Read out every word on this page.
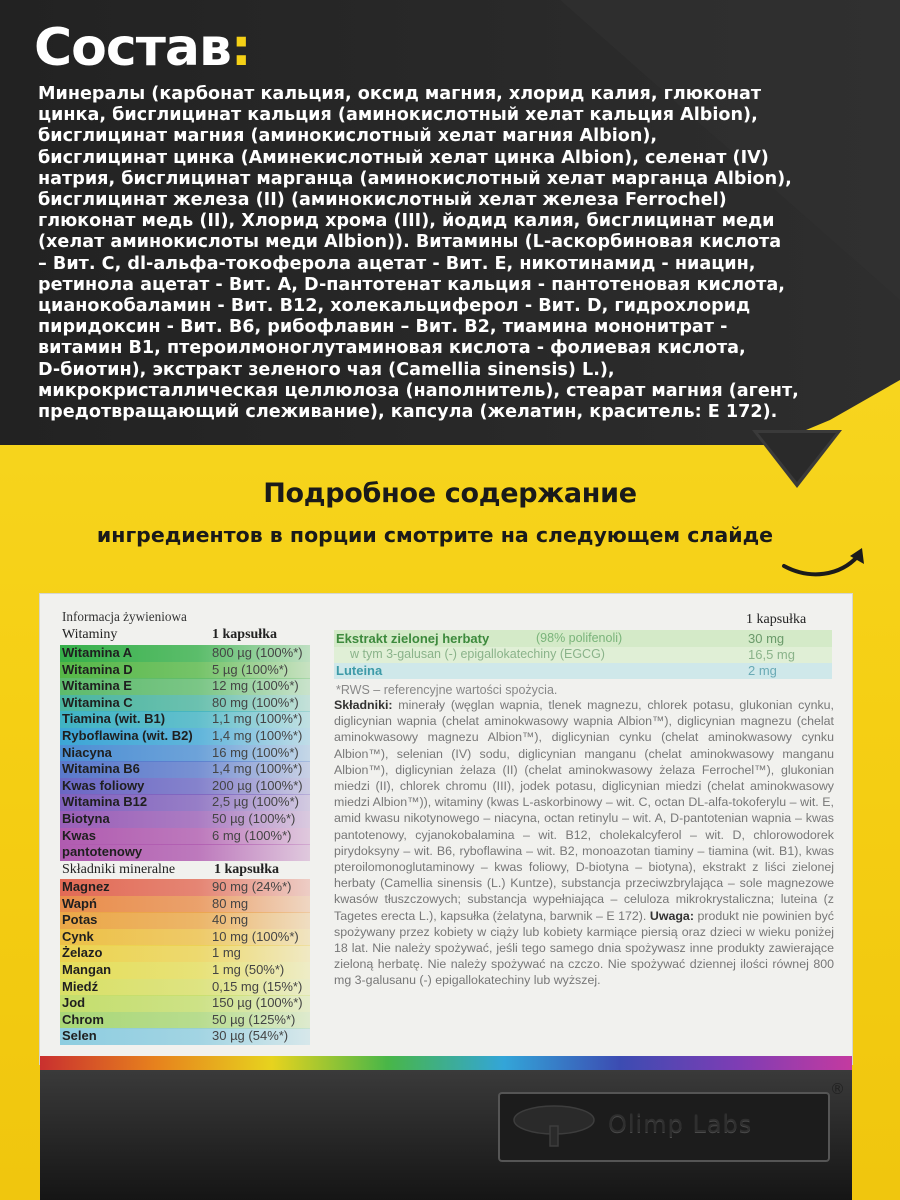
Состав:

Минералы (карбонат кальция, оксид магния, хлорид калия, глюконат
цинка, бисглицинат кальция (аминокислотный хелат кальция Albion),
бисглицинат магния (аминокислотный хелат магния Albion),
бисглицинат цинка (Аминекислотный хелат цинка Albion), селенат (IV)
натрия, бисглицинат марганца (аминокислотный хелат марганца Albion),
бисглицинат железа (II) (аминокислотный хелат железа Ferrochel)
глюконат медь (II), Хлорид хрома (III), йодид калия, бисглицинат меди
(хелат аминокислоты меди Albion)). Витамины (L-аскорбиновая кислота
– Вит. С, dl-альфа-токоферола ацетат - Вит. Е, никотинамид - ниацин,
ретинола ацетат - Вит. А, D-пантотенат кальция - пантотеновая кислота,
цианокобаламин - Вит. В12, холекальциферол - Вит. D, гидрохлорид
пиридоксин - Вит. В6, рибофлавин – Вит. В2, тиамина мононитрат -
витамин В1, птероилмоноглутаминовая кислота - фолиевая кислота,
D-биотин), экстракт зеленого чая (Camellia sinensis) L.),
микрокристаллическая целлюлоза (наполнитель), стеарат магния (агент,
предотвращающий слеживание), капсула (желатин, краситель: Е 172).

Подробное содержание

ингредиентов в порции смотрите на следующем слайде

Informacja żywieniowa
Witaminy	1 kapsułka
Witamina A	800 µg (100%*)
Witamina D	5 µg (100%*)
Witamina E	12 mg (100%*)
Witamina C	80 mg (100%*)
Tiamina (wit. B1)	1,1 mg (100%*)
Ryboflawina (wit. B2) 1,4 mg (100%*)
Niacyna	16 mg (100%*)
Witamina B6	1,4 mg (100%*)
Kwas foliowy	200 µg (100%*)
Witamina B12	2,5 µg (100%*)
Biotyna	50 µg (100%*)
Kwas	6 mg (100%*)
pantotenowy
Składniki mineralne	1 kapsułka
Magnez	90 mg (24%*)
Wapń	80 mg
Potas	40 mg
Cynk	10 mg (100%*)
Żelazo	1 mg
Mangan	1 mg (50%*)
Miedź	0,15 mg (15%*)
Jod	150 µg (100%*)
Chrom	50 µg (125%*)
Selen	30 µg (54%*)
1 kapsułka
Ekstrakt zielonej herbaty	(98% polifenoli)	30 mg
w tym 3-galusan (-) epigallokatechiny (EGCG)	16,5 mg
Luteina	2 mg
*RWS – referencyjne wartości spożycia.
Składniki: minerały (węglan wapnia, tlenek magnezu, chlorek potasu, glukonian cynku, diglicynian wapnia (chelat aminokwasowy wapnia Albion™), diglicynian magnezu (chelat aminokwasowy magnezu Albion™), diglicynian cynku (chelat aminokwasowy cynku Albion™), selenian (IV) sodu, diglicynian manganu (chelat aminokwasowy manganu Albion™), diglicynian żelaza (II) (chelat aminokwasowy żelaza Ferrochel™), glukonian miedzi (II), chlorek chromu (III), jodek potasu, diglicynian miedzi (chelat aminokwasowy miedzi Albion™)), witaminy (kwas L-askorbinowy – wit. C, octan DL-alfa-tokoferylu – wit. E, amid kwasu nikotynowego – niacyna, octan retinylu – wit. A, D-pantotenian wapnia – kwas pantotenowy, cyjanokobalamina – wit. B12, cholekalcyferol – wit. D, chlorowodorek pirydoksyny – wit. B6, ryboflawina – wit. B2, monoazotan tiaminy – tiamina (wit. B1), kwas pteroilomonoglutaminowy – kwas foliowy, D-biotyna – biotyna), ekstrakt z liści zielonej herbaty (Camellia sinensis (L.) Kuntze), substancja przeciwzbrylająca – sole magnezowe kwasów tłuszczowych; substancja wypełniająca – celuloza mikrokrystaliczna; luteina (z Tagetes erecta L.), kapsułka (żelatyna, barwnik – E 172). Uwaga: produkt nie powinien być spożywany przez kobiety w ciąży lub kobiety karmiące piersią oraz dzieci w wieku poniżej 18 lat. Nie należy spożywać, jeśli tego samego dnia spożywasz inne produkty zawierające zieloną herbatę. Nie należy spożywać na czczo. Nie spożywać dziennej ilości równej 800 mg 3-galusanu (-) epigallokatechiny lub wyższej.
Olimp Labs
®
